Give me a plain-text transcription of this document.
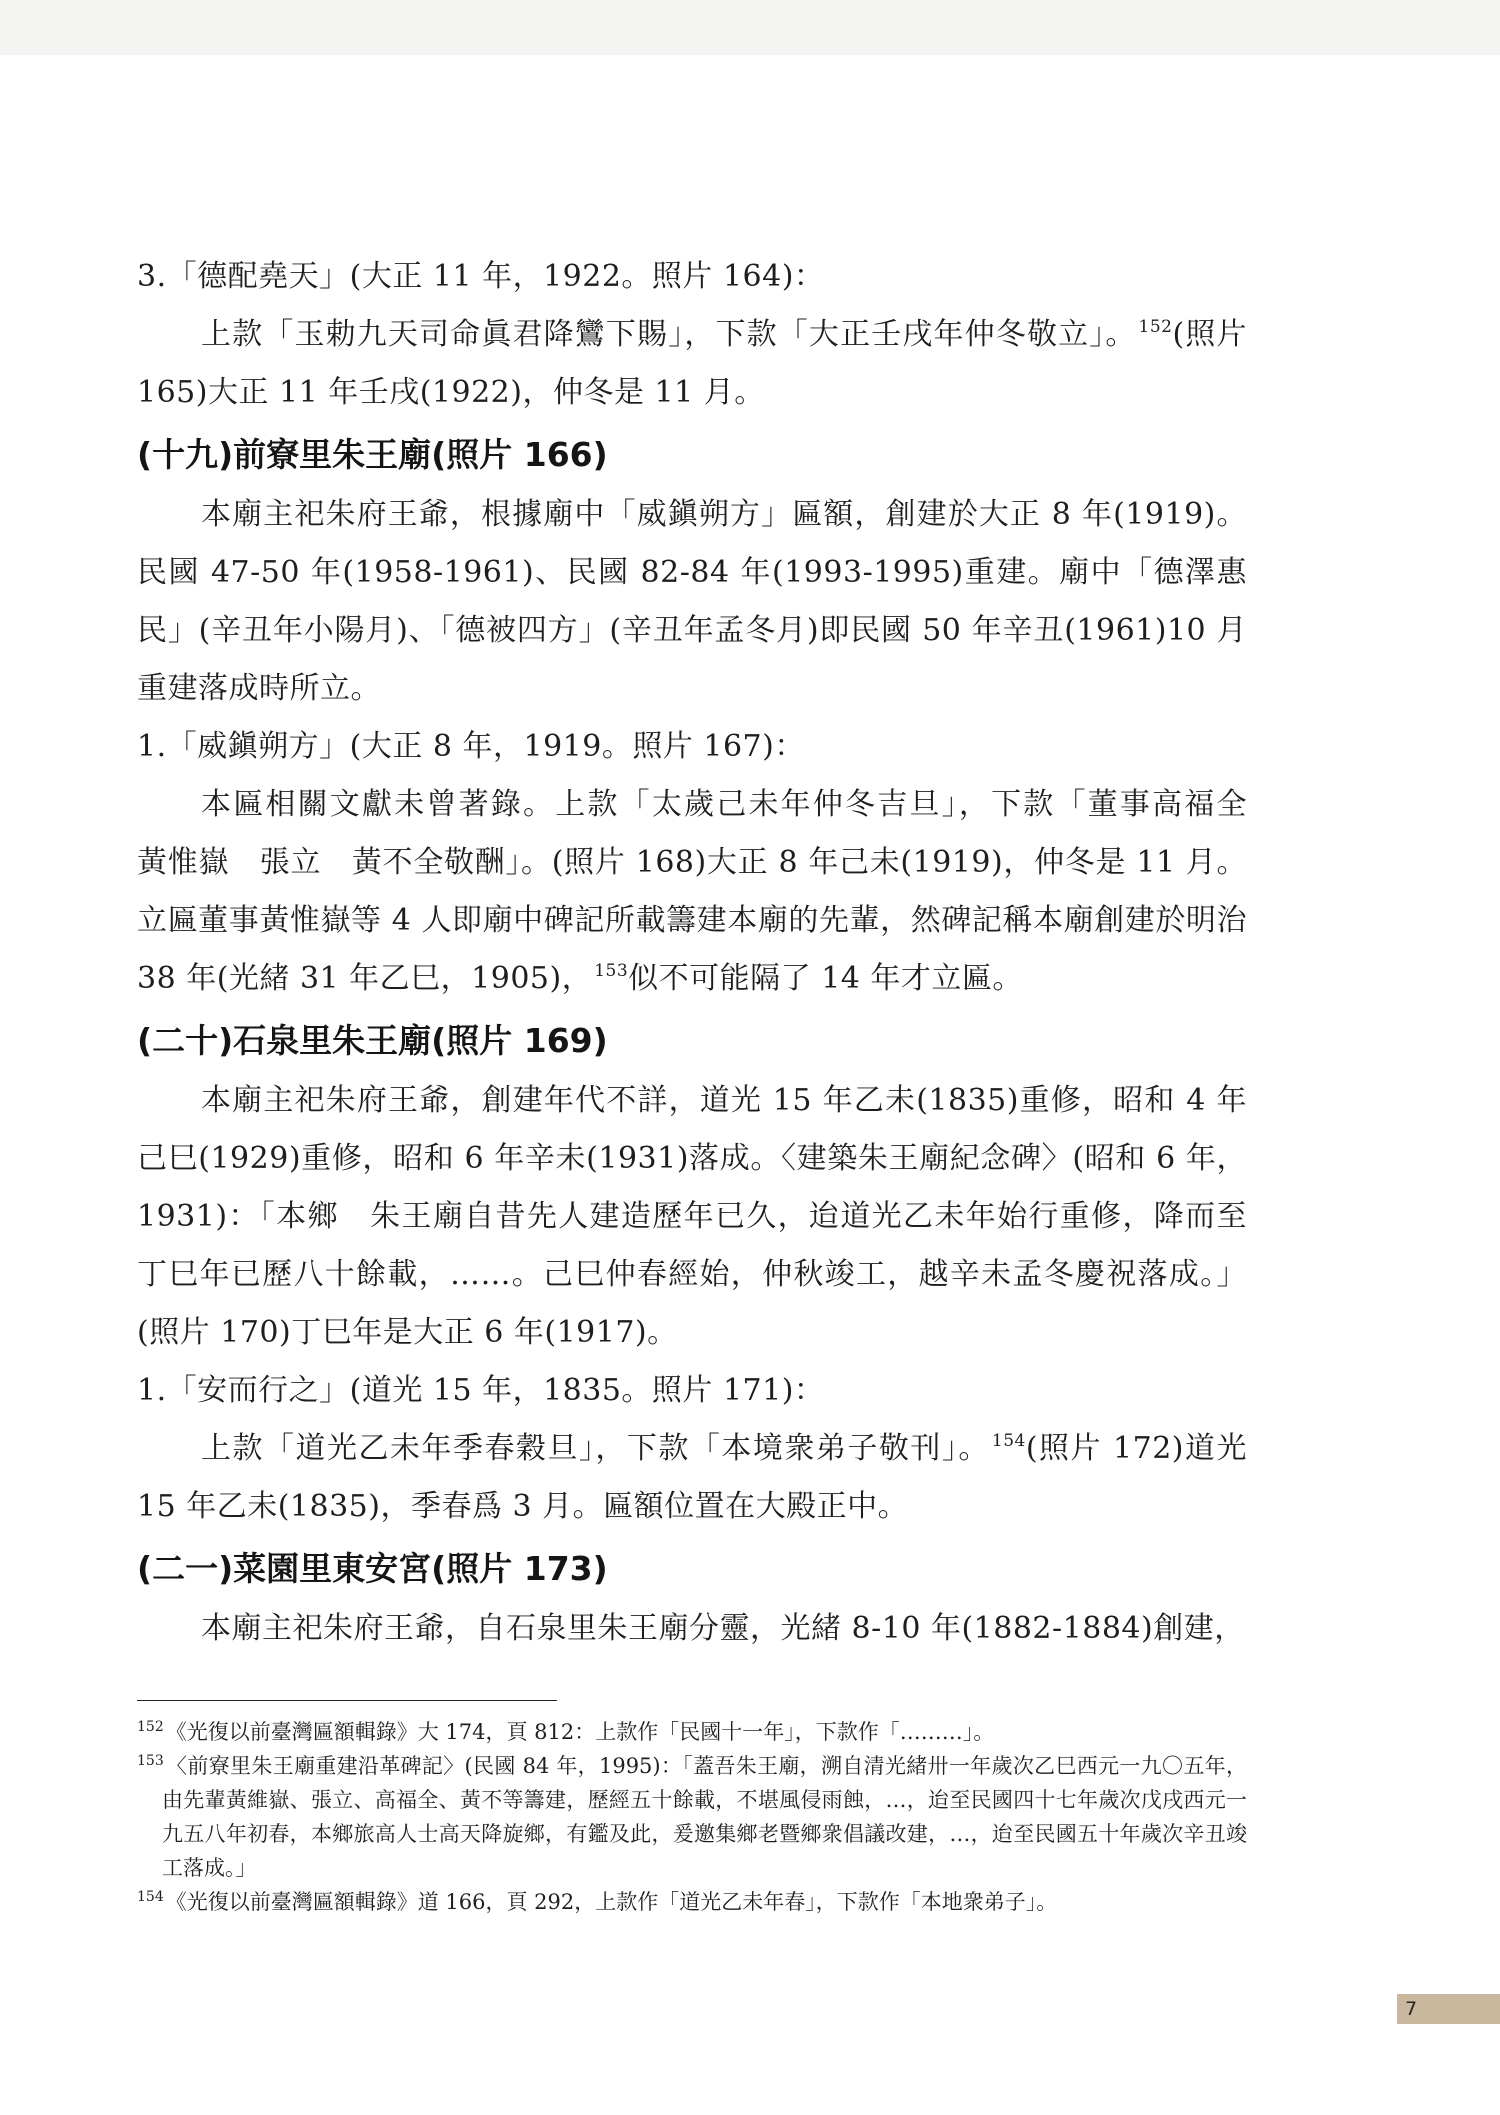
3.「德配堯天」(大正 11 年，1922。照片 164)：

上款「玉勅九天司命眞君降鸞下賜」，下款「大正壬戌年仲冬敬立」。 $^{152}$(照片 165)大正 11 年壬戌(1922)，仲冬是 11 月。

(十九)前寮里朱王廟(照片 166)

本廟主祀朱府王爺，根據廟中「威鎭朔方」匾額，創建於大正 8 年(1919)。民國 47-50 年(1958-1961)、民國 82-84 年(1993-1995)重建。廟中「德澤惠民」(辛丑年小陽月)、「德被四方」(辛丑年孟冬月)即民國 50 年辛丑(1961)10 月重建落成時所立。

1.「威鎭朔方」(大正 8 年，1919。照片 167)：

本匾相關文獻未曾著錄。上款「太歲己未年仲冬吉旦」，下款「董事高福全　黃惟嶽　張立　黃不全敬酬」。(照片 168)大正 8 年己未(1919)，仲冬是 11 月。立匾董事黃惟嶽等 4 人即廟中碑記所載籌建本廟的先輩，然碑記稱本廟創建於明治 38 年(光緒 31 年乙巳，1905)， $^{153}$似不可能隔了 14 年才立匾。

(二十)石泉里朱王廟(照片 169)

本廟主祀朱府王爺，創建年代不詳，道光 15 年乙未(1835)重修，昭和 4 年己巳(1929)重修，昭和 6 年辛未(1931)落成。〈建築朱王廟紀念碑〉(昭和 6 年，1931)：「本鄉　朱王廟自昔先人建造歷年已久，迨道光乙未年始行重修，降而至丁巳年已歷八十餘載，……。己巳仲春經始，仲秋竣工，越辛未孟冬慶祝落成。」(照片 170)丁巳年是大正 6 年(1917)。

1.「安而行之」(道光 15 年，1835。照片 171)：

上款「道光乙未年季春穀旦」，下款「本境衆弟子敬刊」。 $^{154}$(照片 172)道光 15 年乙未(1835)，季春爲 3 月。匾額位置在大殿正中。

(二一)菜園里東安宮(照片 173)

本廟主祀朱府王爺，自石泉里朱王廟分靈，光緒 8-10 年(1882-1884)創建，

$^{152}$《光復以前臺灣匾額輯錄》大 174，頁 812：上款作「民國十一年」，下款作「………」。

$^{153}$〈前寮里朱王廟重建沿革碑記〉(民國 84 年，1995)：「蓋吾朱王廟，溯自清光緒卅一年歲次乙巳西元一九〇五年，由先輩黃維嶽、張立、高福全、黃不等籌建，歷經五十餘載，不堪風侵雨蝕，…，迨至民國四十七年歲次戊戌西元一九五八年初春，本鄉旅高人士高天降旋鄉，有鑑及此，爰邀集鄉老暨鄉衆倡議改建，…，迨至民國五十年歲次辛丑竣工落成。」

$^{154}$《光復以前臺灣匾額輯錄》道 166，頁 292，上款作「道光乙未年春」，下款作「本地衆弟子」。

7
